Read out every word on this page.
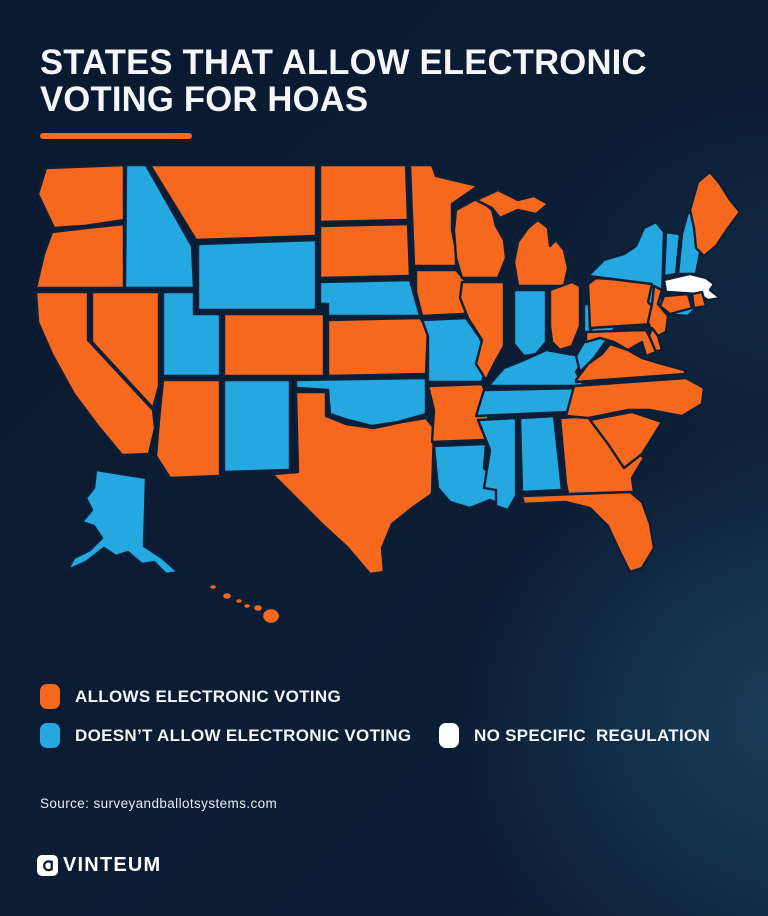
STATES THAT ALLOW ELECTRONIC
VOTING FOR HOAS
ALLOWS ELECTRONIC VOTING
DOESN’T ALLOW ELECTRONIC VOTING	NO SPECIFIC  REGULATION
Source: surveyandballotsystems.com
VINTEUM
